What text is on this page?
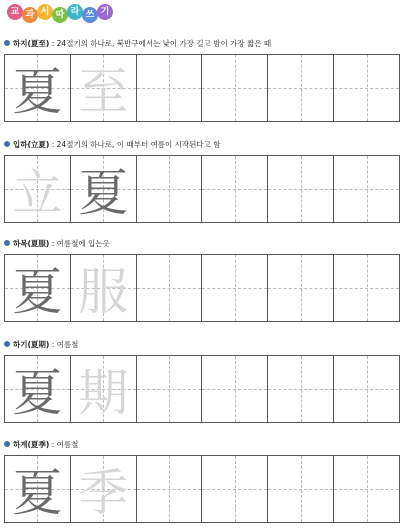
교 과 서 따 라 쓰 기
하지(夏至) : 24절기의 하나로, 북반구에서는 낮이 가장 길고 밤이 가장 짧은 때
夏 至
입하(立夏) : 24절기의 하나로, 이 때부터 여름이 시작된다고 함
立 夏
하복(夏服) : 여름철에 입는옷
夏 服
하기(夏期) : 여름철
夏 期
하계(夏季) : 여름철
夏 季
